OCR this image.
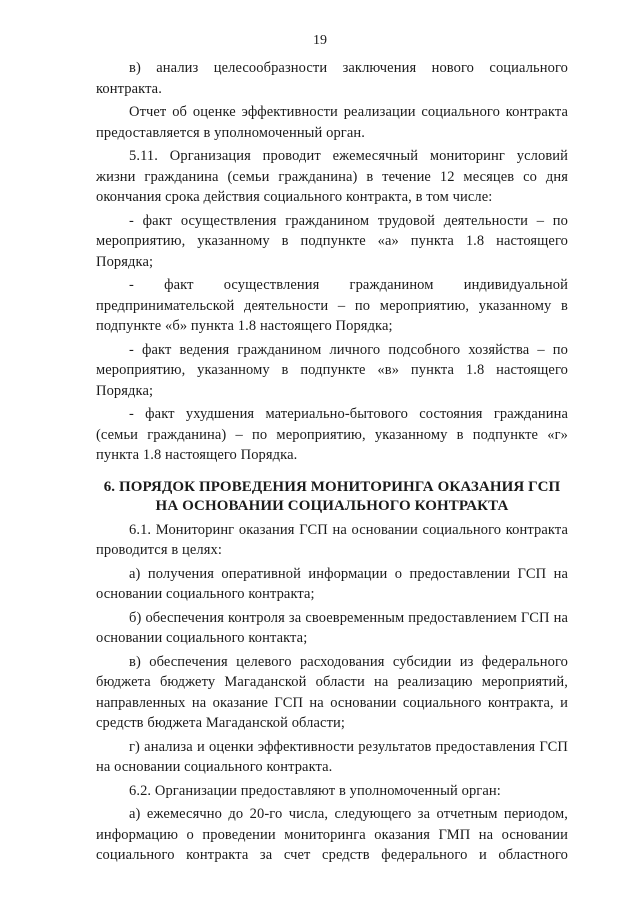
19

в) анализ целесообразности заключения нового социального контракта.

Отчет об оценке эффективности реализации социального контракта предоставляется в уполномоченный орган.

5.11. Организация проводит ежемесячный мониторинг условий жизни гражданина (семьи гражданина) в течение 12 месяцев со дня окончания срока действия социального контракта, в том числе:

- факт осуществления гражданином трудовой деятельности – по мероприятию, указанному в подпункте «а» пункта 1.8 настоящего Порядка;

- факт осуществления гражданином индивидуальной предпринимательской деятельности – по мероприятию, указанному в подпункте «б» пункта 1.8 настоящего Порядка;

- факт ведения гражданином личного подсобного хозяйства – по мероприятию, указанному в подпункте «в» пункта 1.8 настоящего Порядка;

- факт ухудшения материально-бытового состояния гражданина (семьи гражданина) – по мероприятию, указанному в подпункте «г» пункта 1.8 настоящего Порядка.

6. ПОРЯДОК ПРОВЕДЕНИЯ МОНИТОРИНГА ОКАЗАНИЯ ГСП
НА ОСНОВАНИИ СОЦИАЛЬНОГО КОНТРАКТА

6.1. Мониторинг оказания ГСП на основании социального контракта проводится в целях:

а) получения оперативной информации о предоставлении ГСП на основании социального контракта;

б) обеспечения контроля за своевременным предоставлением ГСП на основании социального контакта;

в) обеспечения целевого расходования субсидии из федерального бюджета бюджету Магаданской области на реализацию мероприятий, направленных на оказание ГСП на основании социального контракта, и средств бюджета Магаданской области;

г) анализа и оценки эффективности результатов предоставления ГСП на основании социального контракта.

6.2. Организации предоставляют в уполномоченный орган:

а) ежемесячно до 20-го числа, следующего за отчетным периодом, информацию о проведении мониторинга оказания ГМП на основании социального контракта за счет средств федерального и областного
